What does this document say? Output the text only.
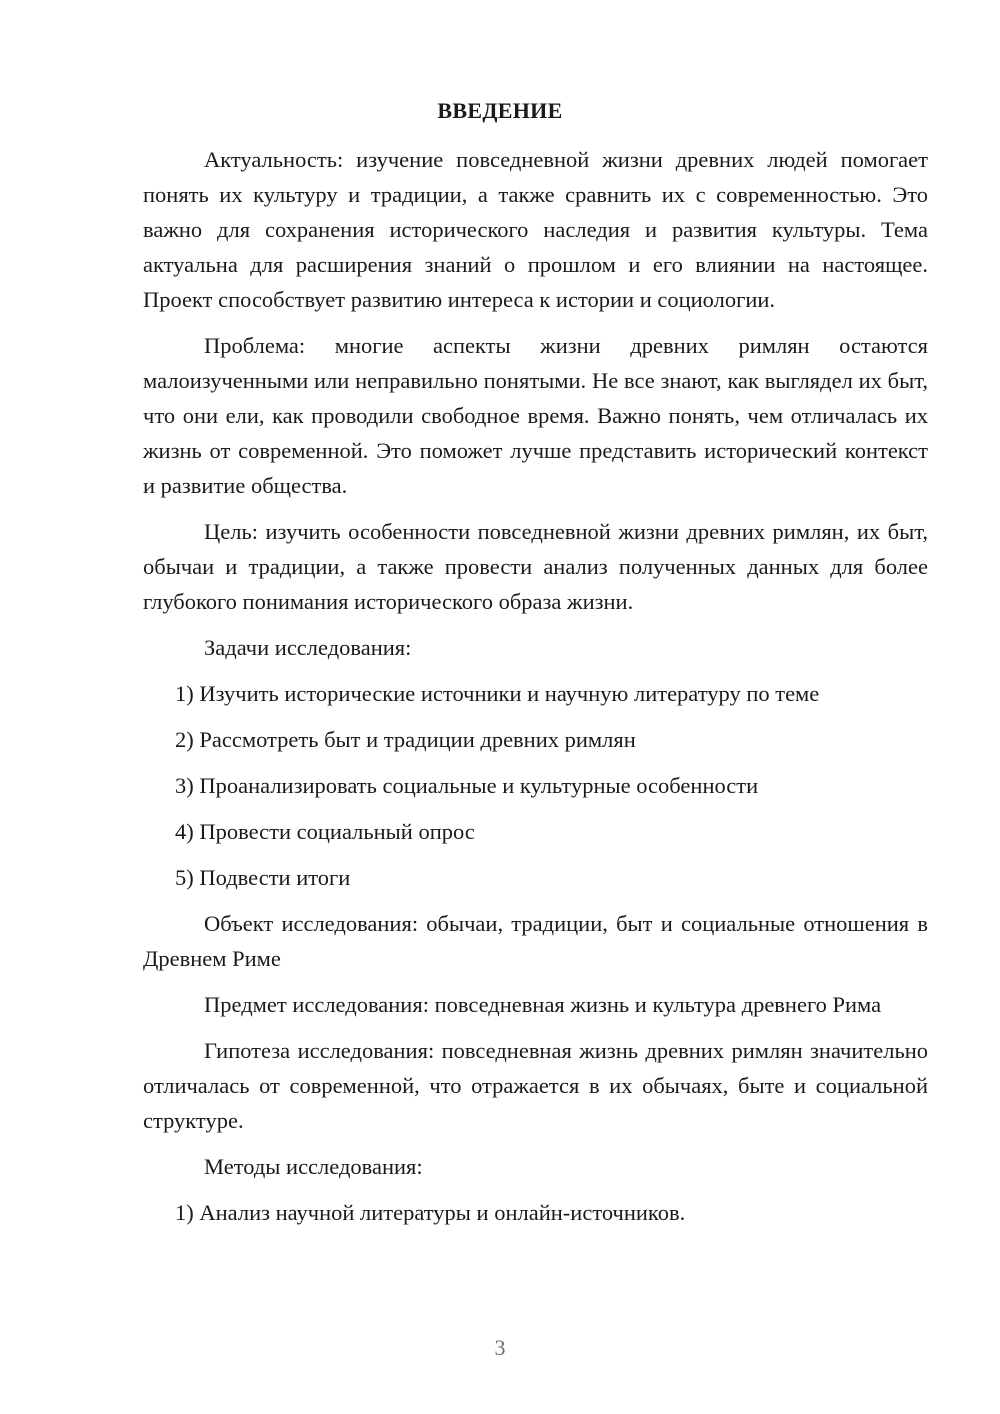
ВВЕДЕНИЕ

Актуальность: изучение повседневной жизни древних людей помогает понять их культуру и традиции, а также сравнить их с современностью. Это важно для сохранения исторического наследия и развития культуры. Тема актуальна для расширения знаний о прошлом и его влиянии на настоящее. Проект способствует развитию интереса к истории и социологии.

Проблема: многие аспекты жизни древних римлян остаются малоизученными или неправильно понятыми. Не все знают, как выглядел их быт, что они ели, как проводили свободное время. Важно понять, чем отличалась их жизнь от современной. Это поможет лучше представить исторический контекст и развитие общества.

Цель: изучить особенности повседневной жизни древних римлян, их быт, обычаи и традиции, а также провести анализ полученных данных для более глубокого понимания исторического образа жизни.

Задачи исследования:

1) Изучить исторические источники и научную литературу по теме

2) Рассмотреть быт и традиции древних римлян

3) Проанализировать социальные и культурные особенности

4) Провести социальный опрос

5) Подвести итоги

Объект исследования: обычаи, традиции, быт и социальные отношения в Древнем Риме

Предмет исследования: повседневная жизнь и культура древнего Рима

Гипотеза исследования: повседневная жизнь древних римлян значительно отличалась от современной, что отражается в их обычаях, быте и социальной структуре.

Методы исследования:

1) Анализ научной литературы и онлайн-источников.

3
